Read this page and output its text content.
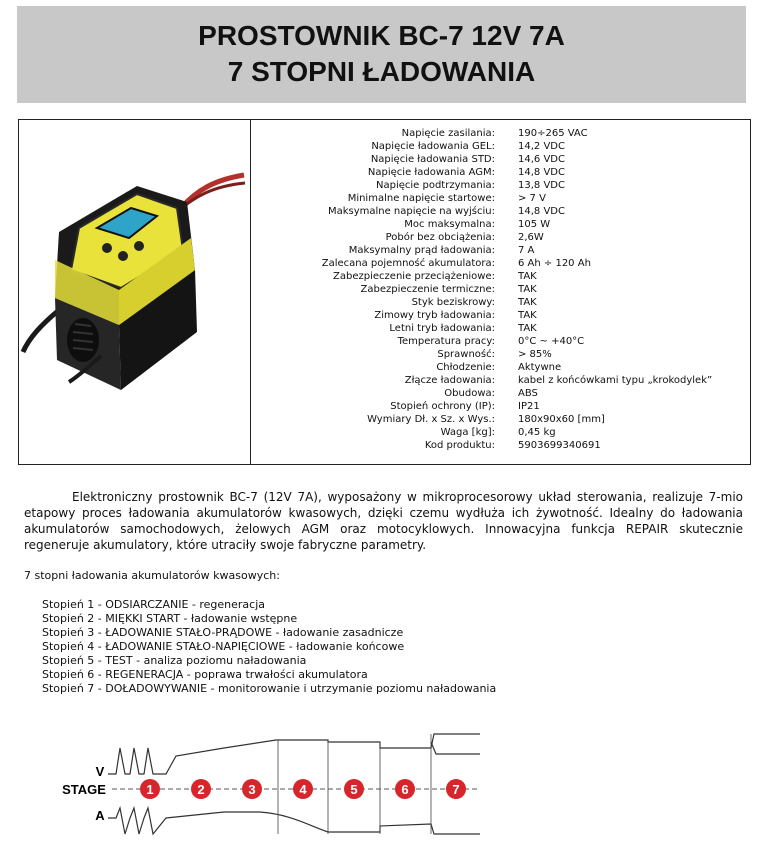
PROSTOWNIK BC-7 12V 7A
7 STOPNI ŁADOWANIA
Napięcie zasilania:	190÷265 VAC
Napięcie ładowania GEL:	14,2 VDC
Napięcie ładowania STD:	14,6 VDC
Napięcie ładowania AGM:	14,8 VDC
Napięcie podtrzymania:	13,8 VDC
Minimalne napięcie startowe:	> 7 V
Maksymalne napięcie na wyjściu:	14,8 VDC
Moc maksymalna:	105 W
Pobór bez obciążenia:	2,6W
Maksymalny prąd ładowania:	7 A
Zalecana pojemność akumulatora:	6 Ah ÷ 120 Ah
Zabezpieczenie przeciążeniowe:	TAK
Zabezpieczenie termiczne:	TAK
Styk beziskrowy:	TAK
Zimowy tryb ładowania:	TAK
Letni tryb ładowania:	TAK
Temperatura pracy:	0°C ~ +40°C
Sprawność:	> 85%
Chłodzenie:	Aktywne
Złącze ładowania:	kabel z końcówkami typu „krokodylek”
Obudowa:	ABS
Stopień ochrony (IP):	IP21
Wymiary Dł. x Sz. x Wys.:	180x90x60 [mm]
Waga [kg]:	0,45 kg
Kod produktu:	5903699340691

Elektroniczny prostownik BC-7 (12V 7A), wyposażony w mikroprocesorowy układ sterowania, realizuje 7-mio etapowy proces ładowania akumulatorów kwasowych, dzięki czemu wydłuża ich żywotność. Idealny do ładowania akumulatorów samochodowych, żelowych AGM oraz motocyklowych. Innowacyjna funkcja REPAIR skutecznie regeneruje akumulatory, które utraciły swoje fabryczne parametry.

7 stopni ładowania akumulatorów kwasowych:
Stopień 1 - ODSIARCZANIE - regeneracja
Stopień 2 - MIĘKKI START - ładowanie wstępne
Stopień 3 - ŁADOWANIE STAŁO-PRĄDOWE - ładowanie zasadnicze
Stopień 4 - ŁADOWANIE STAŁO-NAPIĘCIOWE - ładowanie końcowe
Stopień 5 - TEST - analiza poziomu naładowania
Stopień 6 - REGENERACJA - poprawa trwałości akumulatora
Stopień 7 - DOŁADOWYWANIE - monitorowanie i utrzymanie poziomu naładowania
V
STAGE
A
1	2	3	4	5	6	7
